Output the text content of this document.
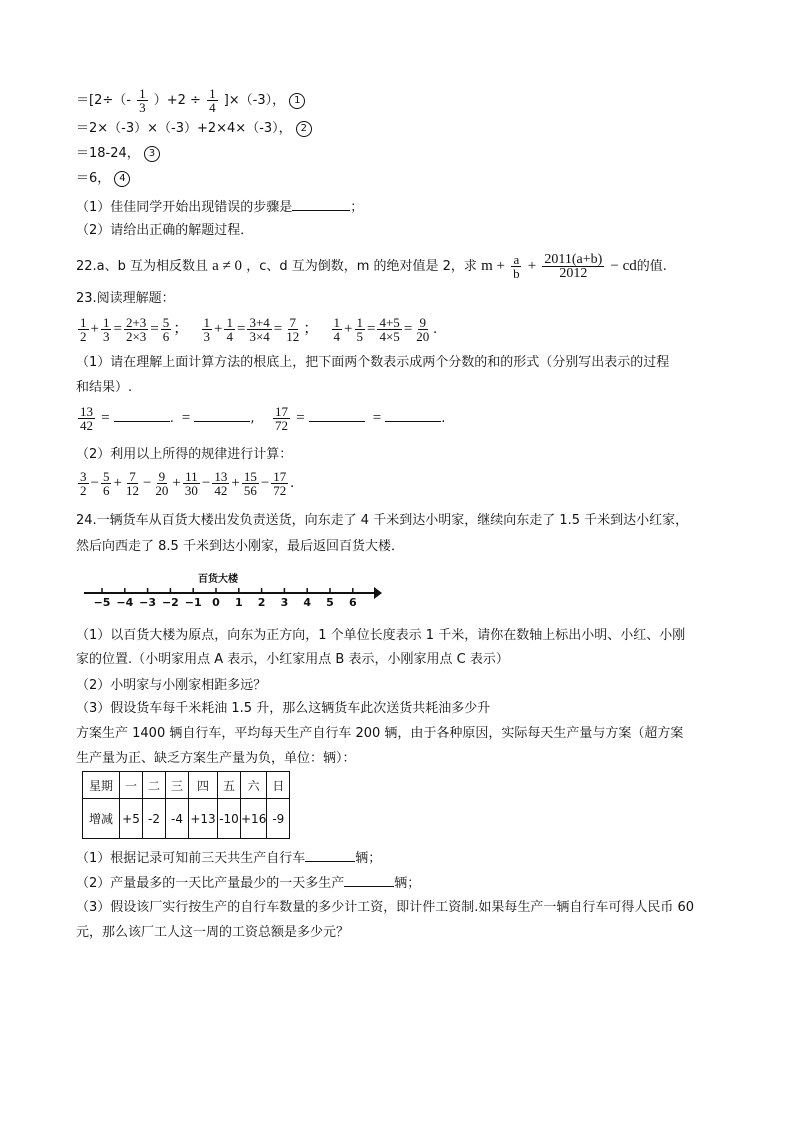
$=[2\div(- \frac{1}{3} )+2 \div \frac{1}{4} ]\times(-3)$， 1
＝2×（-3）×（-3）+2×4×（-3）， 2
＝18-24， 3
＝6， 4
（1）佳佳同学开始出现错误的步骤是	；
（2）请给出正确的解题过程．
22.a、b 互为相反数且 a ≠ 0 ，c、d 互为倒数，m 的绝对值是 2，求 $m + \frac{a}{b} + \frac{2011(a+b)}{2012}$ − cd的值.
23.阅读理解题：
$\frac{1}{2} + \frac{1}{3} = \frac{2+3}{2\times 3} = \frac{5}{6}$ ； $\frac{1}{3} + \frac{1}{4} = \frac{3+4}{3\times 4} = \frac{7}{12}$ ； $\frac{1}{4} + \frac{1}{5} = \frac{4+5}{4\times 5} = \frac{9}{20}$ .
（1）请在理解上面计算方法的根底上，把下面两个数表示成两个分数的和的形式（分别写出表示的过程
和结果）.
$\frac{13}{42}$ =	.  =	, $\frac{17}{72}$ =	=	.
（2）利用以上所得的规律进行计算：
$\frac{3}{2} - \frac{5}{6} + \frac{7}{12} - \frac{9}{20} + \frac{11}{30} - \frac{13}{42} + \frac{15}{56} - \frac{17}{72}$ .
24.一辆货车从百货大楼出发负责送货，向东走了 4 千米到达小明家，继续向东走了 1.5 千米到达小红家，
然后向西走了 8.5 千米到达小刚家，最后返回百货大楼．
百货大楼
−5 −4 −3 −2 −1 0	1	2	3	4	5	6
（1）以百货大楼为原点，向东为正方向，1 个单位长度表示 1 千米，请你在数轴上标出小明、小红、小刚
家的位置.（小明家用点 A 表示，小红家用点 B 表示，小刚家用点 C 表示）
（2）小明家与小刚家相距多远？
（3）假设货车每千米耗油 1.5 升，那么这辆货车此次送货共耗油多少升
方案生产 1400 辆自行车，平均每天生产自行车 200 辆，由于各种原因，实际每天生产量与方案（超方案
生产量为正、缺乏方案生产量为负，单位：辆）：
星期	一	二	三	四	五	六	日
增减	+5	-2	-4	+13	-10	+16	-9
（1）根据记录可知前三天共生产自行车	辆；
（2）产量最多的一天比产量最少的一天多生产	辆；
（3）假设该厂实行按生产的自行车数量的多少计工资，即计件工资制.如果每生产一辆自行车可得人民币 60
元，那么该厂工人这一周的工资总额是多少元？
